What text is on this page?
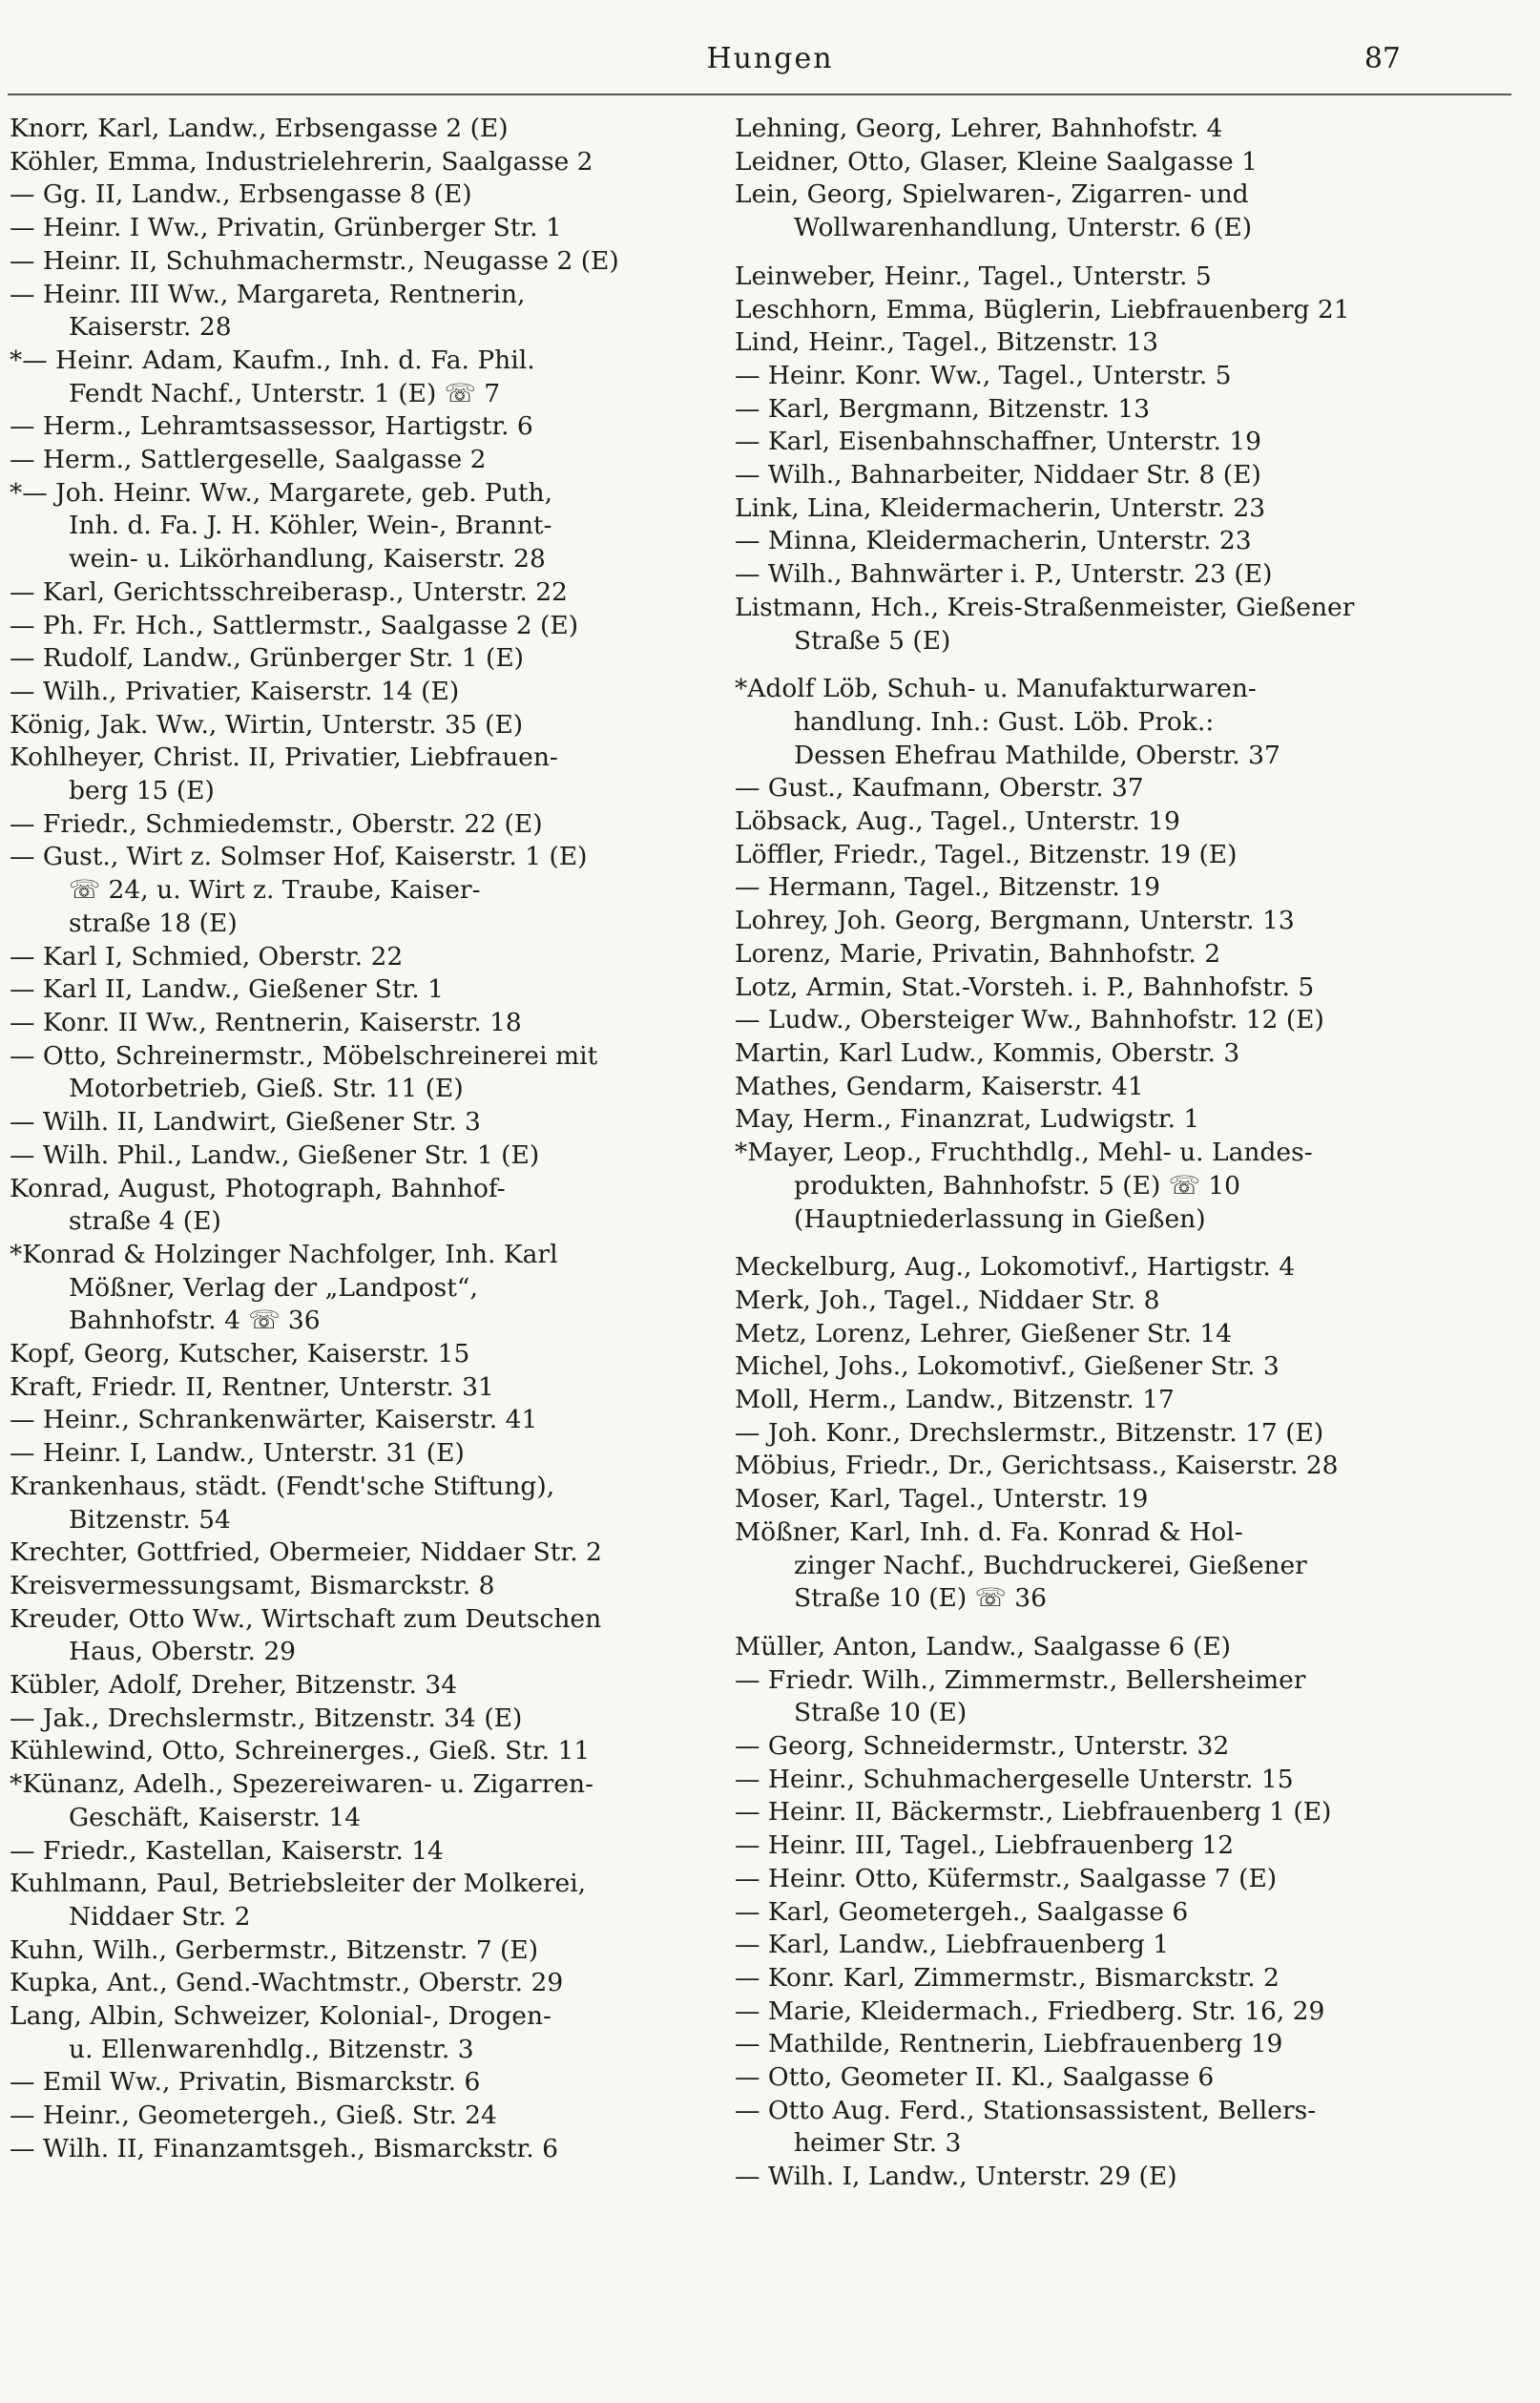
Hungen	87
Knorr, Karl, Landw., Erbsengasse 2 (E)
Köhler, Emma, Industrielehrerin, Saalgasse 2
— Gg. II, Landw., Erbsengasse 8 (E)
— Heinr. I Ww., Privatin, Grünberger Str. 1
— Heinr. II, Schuhmachermstr., Neugasse 2 (E)
— Heinr. III Ww., Margareta, Rentnerin,
Kaiserstr. 28
*— Heinr. Adam, Kaufm., Inh. d. Fa. Phil.
Fendt Nachf., Unterstr. 1 (E) ☏ 7
— Herm., Lehramtsassessor, Hartigstr. 6
— Herm., Sattlergeselle, Saalgasse 2
*— Joh. Heinr. Ww., Margarete, geb. Puth,
Inh. d. Fa. J. H. Köhler, Wein-, Brannt-
wein- u. Likörhandlung, Kaiserstr. 28
— Karl, Gerichtsschreiberasp., Unterstr. 22
— Ph. Fr. Hch., Sattlermstr., Saalgasse 2 (E)
— Rudolf, Landw., Grünberger Str. 1 (E)
— Wilh., Privatier, Kaiserstr. 14 (E)
König, Jak. Ww., Wirtin, Unterstr. 35 (E)
Kohlheyer, Christ. II, Privatier, Liebfrauen-
berg 15 (E)
— Friedr., Schmiedemstr., Oberstr. 22 (E)
— Gust., Wirt z. Solmser Hof, Kaiserstr. 1 (E)
☏ 24, u. Wirt z. Traube, Kaiser-
straße 18 (E)
— Karl I, Schmied, Oberstr. 22
— Karl II, Landw., Gießener Str. 1
— Konr. II Ww., Rentnerin, Kaiserstr. 18
— Otto, Schreinermstr., Möbelschreinerei mit
Motorbetrieb, Gieß. Str. 11 (E)
— Wilh. II, Landwirt, Gießener Str. 3
— Wilh. Phil., Landw., Gießener Str. 1 (E)
Konrad, August, Photograph, Bahnhof-
straße 4 (E)
*Konrad & Holzinger Nachfolger, Inh. Karl
Mößner, Verlag der „Landpost“,
Bahnhofstr. 4 ☏ 36
Kopf, Georg, Kutscher, Kaiserstr. 15
Kraft, Friedr. II, Rentner, Unterstr. 31
— Heinr., Schrankenwärter, Kaiserstr. 41
— Heinr. I, Landw., Unterstr. 31 (E)
Krankenhaus, städt. (Fendt'sche Stiftung),
Bitzenstr. 54
Krechter, Gottfried, Obermeier, Niddaer Str. 2
Kreisvermessungsamt, Bismarckstr. 8
Kreuder, Otto Ww., Wirtschaft zum Deutschen
Haus, Oberstr. 29
Kübler, Adolf, Dreher, Bitzenstr. 34
— Jak., Drechslermstr., Bitzenstr. 34 (E)
Kühlewind, Otto, Schreinerges., Gieß. Str. 11
*Künanz, Adelh., Spezereiwaren- u. Zigarren-
Geschäft, Kaiserstr. 14
— Friedr., Kastellan, Kaiserstr. 14
Kuhlmann, Paul, Betriebsleiter der Molkerei,
Niddaer Str. 2
Kuhn, Wilh., Gerbermstr., Bitzenstr. 7 (E)
Kupka, Ant., Gend.-Wachtmstr., Oberstr. 29
Lang, Albin, Schweizer, Kolonial-, Drogen-
u. Ellenwarenhdlg., Bitzenstr. 3
— Emil Ww., Privatin, Bismarckstr. 6
— Heinr., Geometergeh., Gieß. Str. 24
— Wilh. II, Finanzamtsgeh., Bismarckstr. 6
Lehning, Georg, Lehrer, Bahnhofstr. 4
Leidner, Otto, Glaser, Kleine Saalgasse 1
Lein, Georg, Spielwaren-, Zigarren- und
Wollwarenhandlung, Unterstr. 6 (E)
Leinweber, Heinr., Tagel., Unterstr. 5
Leschhorn, Emma, Büglerin, Liebfrauenberg 21
Lind, Heinr., Tagel., Bitzenstr. 13
— Heinr. Konr. Ww., Tagel., Unterstr. 5
— Karl, Bergmann, Bitzenstr. 13
— Karl, Eisenbahnschaffner, Unterstr. 19
— Wilh., Bahnarbeiter, Niddaer Str. 8 (E)
Link, Lina, Kleidermacherin, Unterstr. 23
— Minna, Kleidermacherin, Unterstr. 23
— Wilh., Bahnwärter i. P., Unterstr. 23 (E)
Listmann, Hch., Kreis-Straßenmeister, Gießener
Straße 5 (E)
*Adolf Löb, Schuh- u. Manufakturwaren-
handlung. Inh.: Gust. Löb. Prok.:
Dessen Ehefrau Mathilde, Oberstr. 37
— Gust., Kaufmann, Oberstr. 37
Löbsack, Aug., Tagel., Unterstr. 19
Löffler, Friedr., Tagel., Bitzenstr. 19 (E)
— Hermann, Tagel., Bitzenstr. 19
Lohrey, Joh. Georg, Bergmann, Unterstr. 13
Lorenz, Marie, Privatin, Bahnhofstr. 2
Lotz, Armin, Stat.-Vorsteh. i. P., Bahnhofstr. 5
— Ludw., Obersteiger Ww., Bahnhofstr. 12 (E)
Martin, Karl Ludw., Kommis, Oberstr. 3
Mathes, Gendarm, Kaiserstr. 41
May, Herm., Finanzrat, Ludwigstr. 1
*Mayer, Leop., Fruchthdlg., Mehl- u. Landes-
produkten, Bahnhofstr. 5 (E) ☏ 10
(Hauptniederlassung in Gießen)
Meckelburg, Aug., Lokomotivf., Hartigstr. 4
Merk, Joh., Tagel., Niddaer Str. 8
Metz, Lorenz, Lehrer, Gießener Str. 14
Michel, Johs., Lokomotivf., Gießener Str. 3
Moll, Herm., Landw., Bitzenstr. 17
— Joh. Konr., Drechslermstr., Bitzenstr. 17 (E)
Möbius, Friedr., Dr., Gerichtsass., Kaiserstr. 28
Moser, Karl, Tagel., Unterstr. 19
Mößner, Karl, Inh. d. Fa. Konrad & Hol-
zinger Nachf., Buchdruckerei, Gießener
Straße 10 (E) ☏ 36
Müller, Anton, Landw., Saalgasse 6 (E)
— Friedr. Wilh., Zimmermstr., Bellersheimer
Straße 10 (E)
— Georg, Schneidermstr., Unterstr. 32
— Heinr., Schuhmachergeselle Unterstr. 15
— Heinr. II, Bäckermstr., Liebfrauenberg 1 (E)
— Heinr. III, Tagel., Liebfrauenberg 12
— Heinr. Otto, Küfermstr., Saalgasse 7 (E)
— Karl, Geometergeh., Saalgasse 6
— Karl, Landw., Liebfrauenberg 1
— Konr. Karl, Zimmermstr., Bismarckstr. 2
— Marie, Kleidermach., Friedberg. Str. 16, 29
— Mathilde, Rentnerin, Liebfrauenberg 19
— Otto, Geometer II. Kl., Saalgasse 6
— Otto Aug. Ferd., Stationsassistent, Bellers-
heimer Str. 3
— Wilh. I, Landw., Unterstr. 29 (E)
